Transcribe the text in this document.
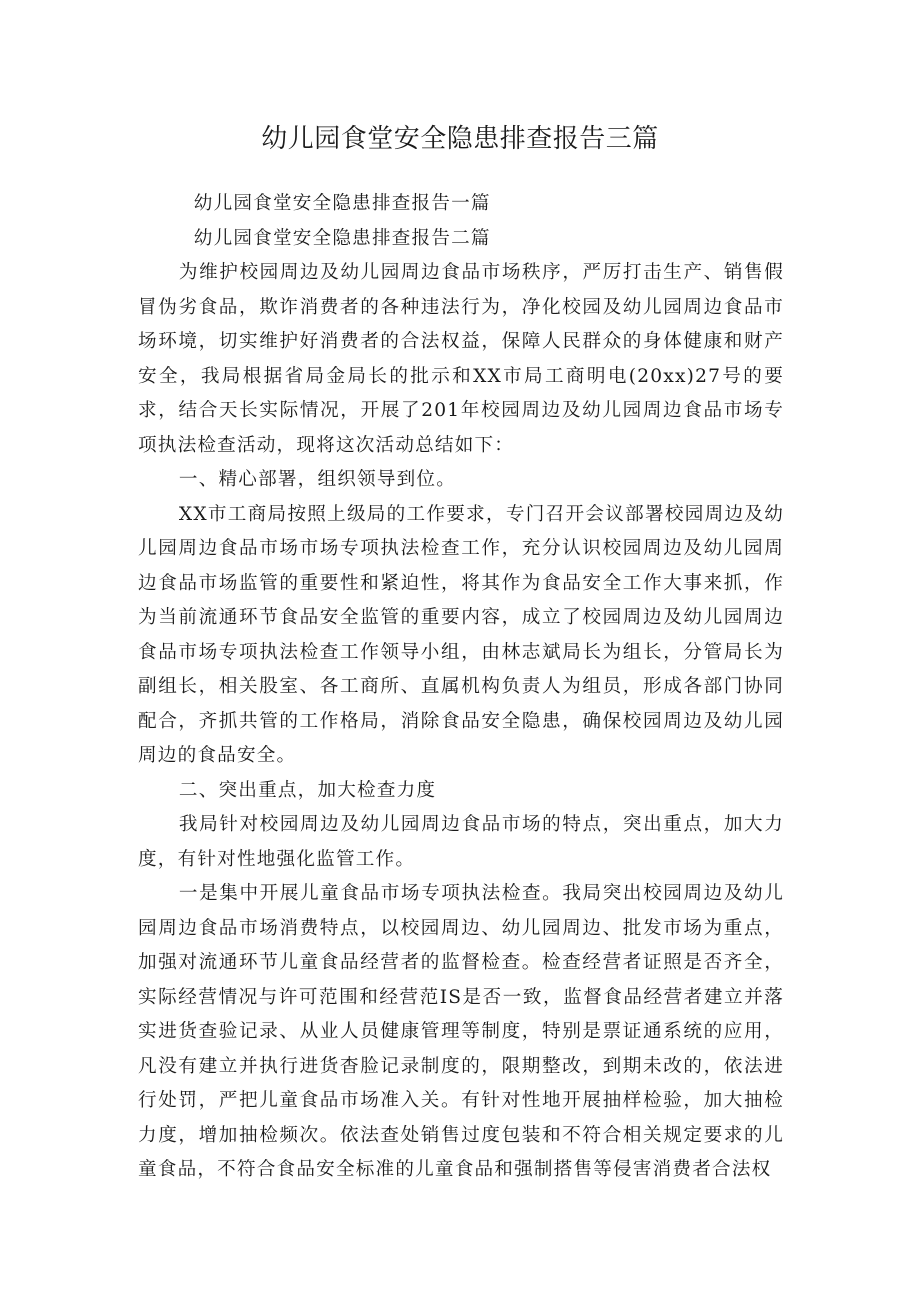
幼儿园食堂安全隐患排查报告三篇

幼儿园食堂安全隐患排查报告一篇

幼儿园食堂安全隐患排查报告二篇

为维护校园周边及幼儿园周边食品市场秩序，严厉打击生产、销售假冒伪劣食品，欺诈消费者的各种违法行为，净化校园及幼儿园周边食品市场环境，切实维护好消费者的合法权益，保障人民群众的身体健康和财产安全，我局根据省局金局长的批示和XX市局工商明电(20xx)27号的要求，结合天长实际情况，开展了201年校园周边及幼儿园周边食品市场专项执法检查活动，现将这次活动总结如下：

一、精心部署，组织领导到位。

XX市工商局按照上级局的工作要求，专门召开会议部署校园周边及幼儿园周边食品市场市场专项执法检查工作，充分认识校园周边及幼儿园周边食品市场监管的重要性和紧迫性，将其作为食品安全工作大事来抓，作为当前流通环节食品安全监管的重要内容，成立了校园周边及幼儿园周边食品市场专项执法检查工作领导小组，由林志斌局长为组长，分管局长为副组长，相关股室、各工商所、直属机构负责人为组员，形成各部门协同配合，齐抓共管的工作格局，消除食品安全隐患，确保校园周边及幼儿园周边的食品安全。

二、突出重点，加大检查力度

我局针对校园周边及幼儿园周边食品市场的特点，突出重点，加大力度，有针对性地强化监管工作。

一是集中开展儿童食品市场专项执法检查。我局突出校园周边及幼儿园周边食品市场消费特点，以校园周边、幼儿园周边、批发市场为重点，加强对流通环节儿童食品经营者的监督检查。检查经营者证照是否齐全，实际经营情况与许可范围和经营范IS是否一致，监督食品经营者建立并落实进货查验记录、从业人员健康管理等制度，特别是票证通系统的应用，凡没有建立并执行进货杳脸记录制度的，限期整改，到期未改的，依法进行处罚，严把儿童食品市场准入关。有针对性地开展抽样检验，加大抽检力度，增加抽检频次。依法查处销售过度包装和不符合相关规定要求的儿童食品，不符合食品安全标准的儿童食品和强制搭售等侵害消费者合法权
